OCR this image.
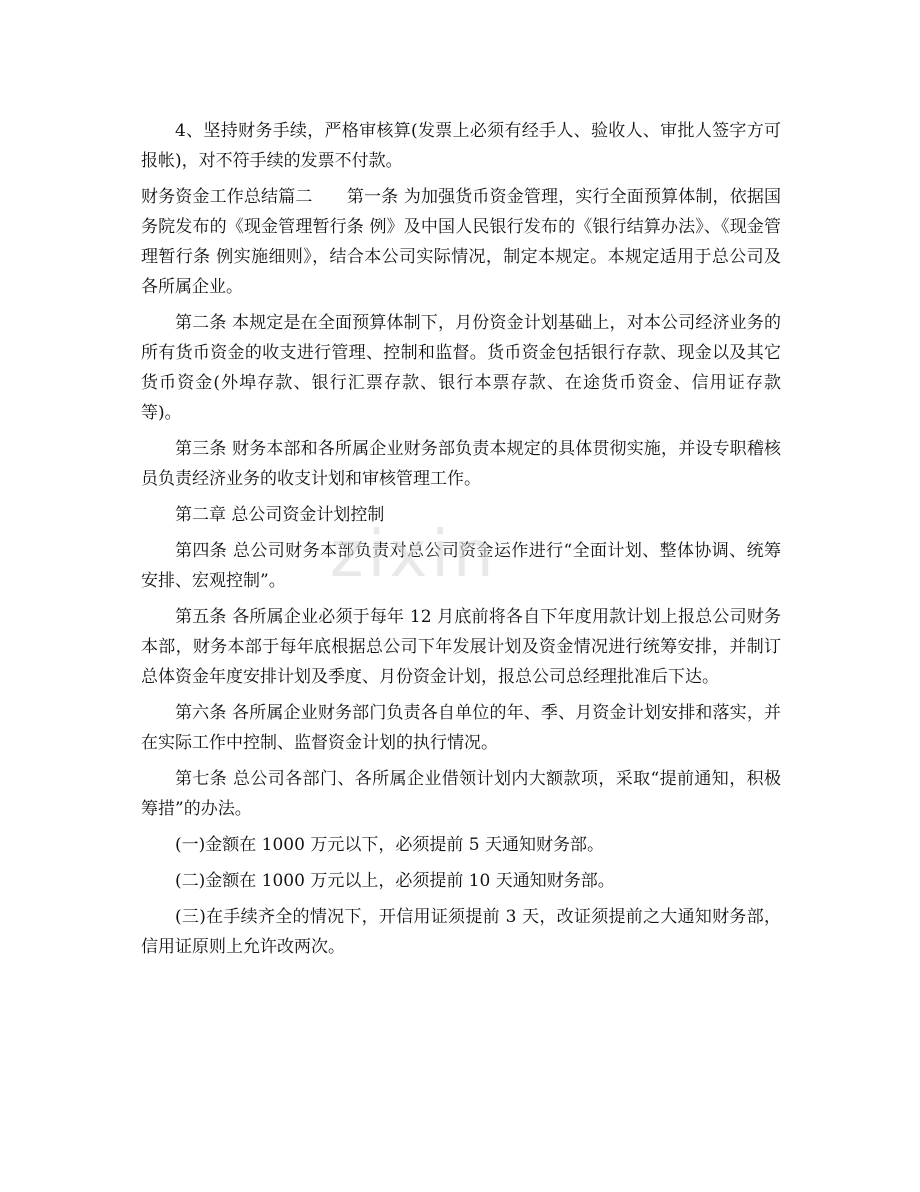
4、坚持财务手续，严格审核算(发票上必须有经手人、验收人、审批人签字方可报帐)，对不符手续的发票不付款。

财务资金工作总结篇二　　第一条 为加强货币资金管理，实行全面预算体制，依据国务院发布的《现金管理暂行条 例》及中国人民银行发布的《银行结算办法》、《现金管理暂行条 例实施细则》，结合本公司实际情况，制定本规定。本规定适用于总公司及各所属企业。

第二条 本规定是在全面预算体制下，月份资金计划基础上，对本公司经济业务的所有货币资金的收支进行管理、控制和监督。货币资金包括银行存款、现金以及其它货币资金(外埠存款、银行汇票存款、银行本票存款、在途货币资金、信用证存款等)。

第三条 财务本部和各所属企业财务部负责本规定的具体贯彻实施，并设专职稽核员负责经济业务的收支计划和审核管理工作。

第二章 总公司资金计划控制

第四条 总公司财务本部负责对总公司资金运作进行“全面计划、整体协调、统筹安排、宏观控制”。

第五条 各所属企业必须于每年 12 月底前将各自下年度用款计划上报总公司财务本部，财务本部于每年底根据总公司下年发展计划及资金情况进行统筹安排，并制订总体资金年度安排计划及季度、月份资金计划，报总公司总经理批准后下达。

第六条 各所属企业财务部门负责各自单位的年、季、月资金计划安排和落实，并在实际工作中控制、监督资金计划的执行情况。

第七条 总公司各部门、各所属企业借领计划内大额款项，采取“提前通知，积极筹措”的办法。

(一)金额在 1000 万元以下，必须提前 5 天通知财务部。

(二)金额在 1000 万元以上，必须提前 10 天通知财务部。

(三)在手续齐全的情况下，开信用证须提前 3 天，改证须提前之大通知财务部，信用证原则上允许改两次。

zixin
